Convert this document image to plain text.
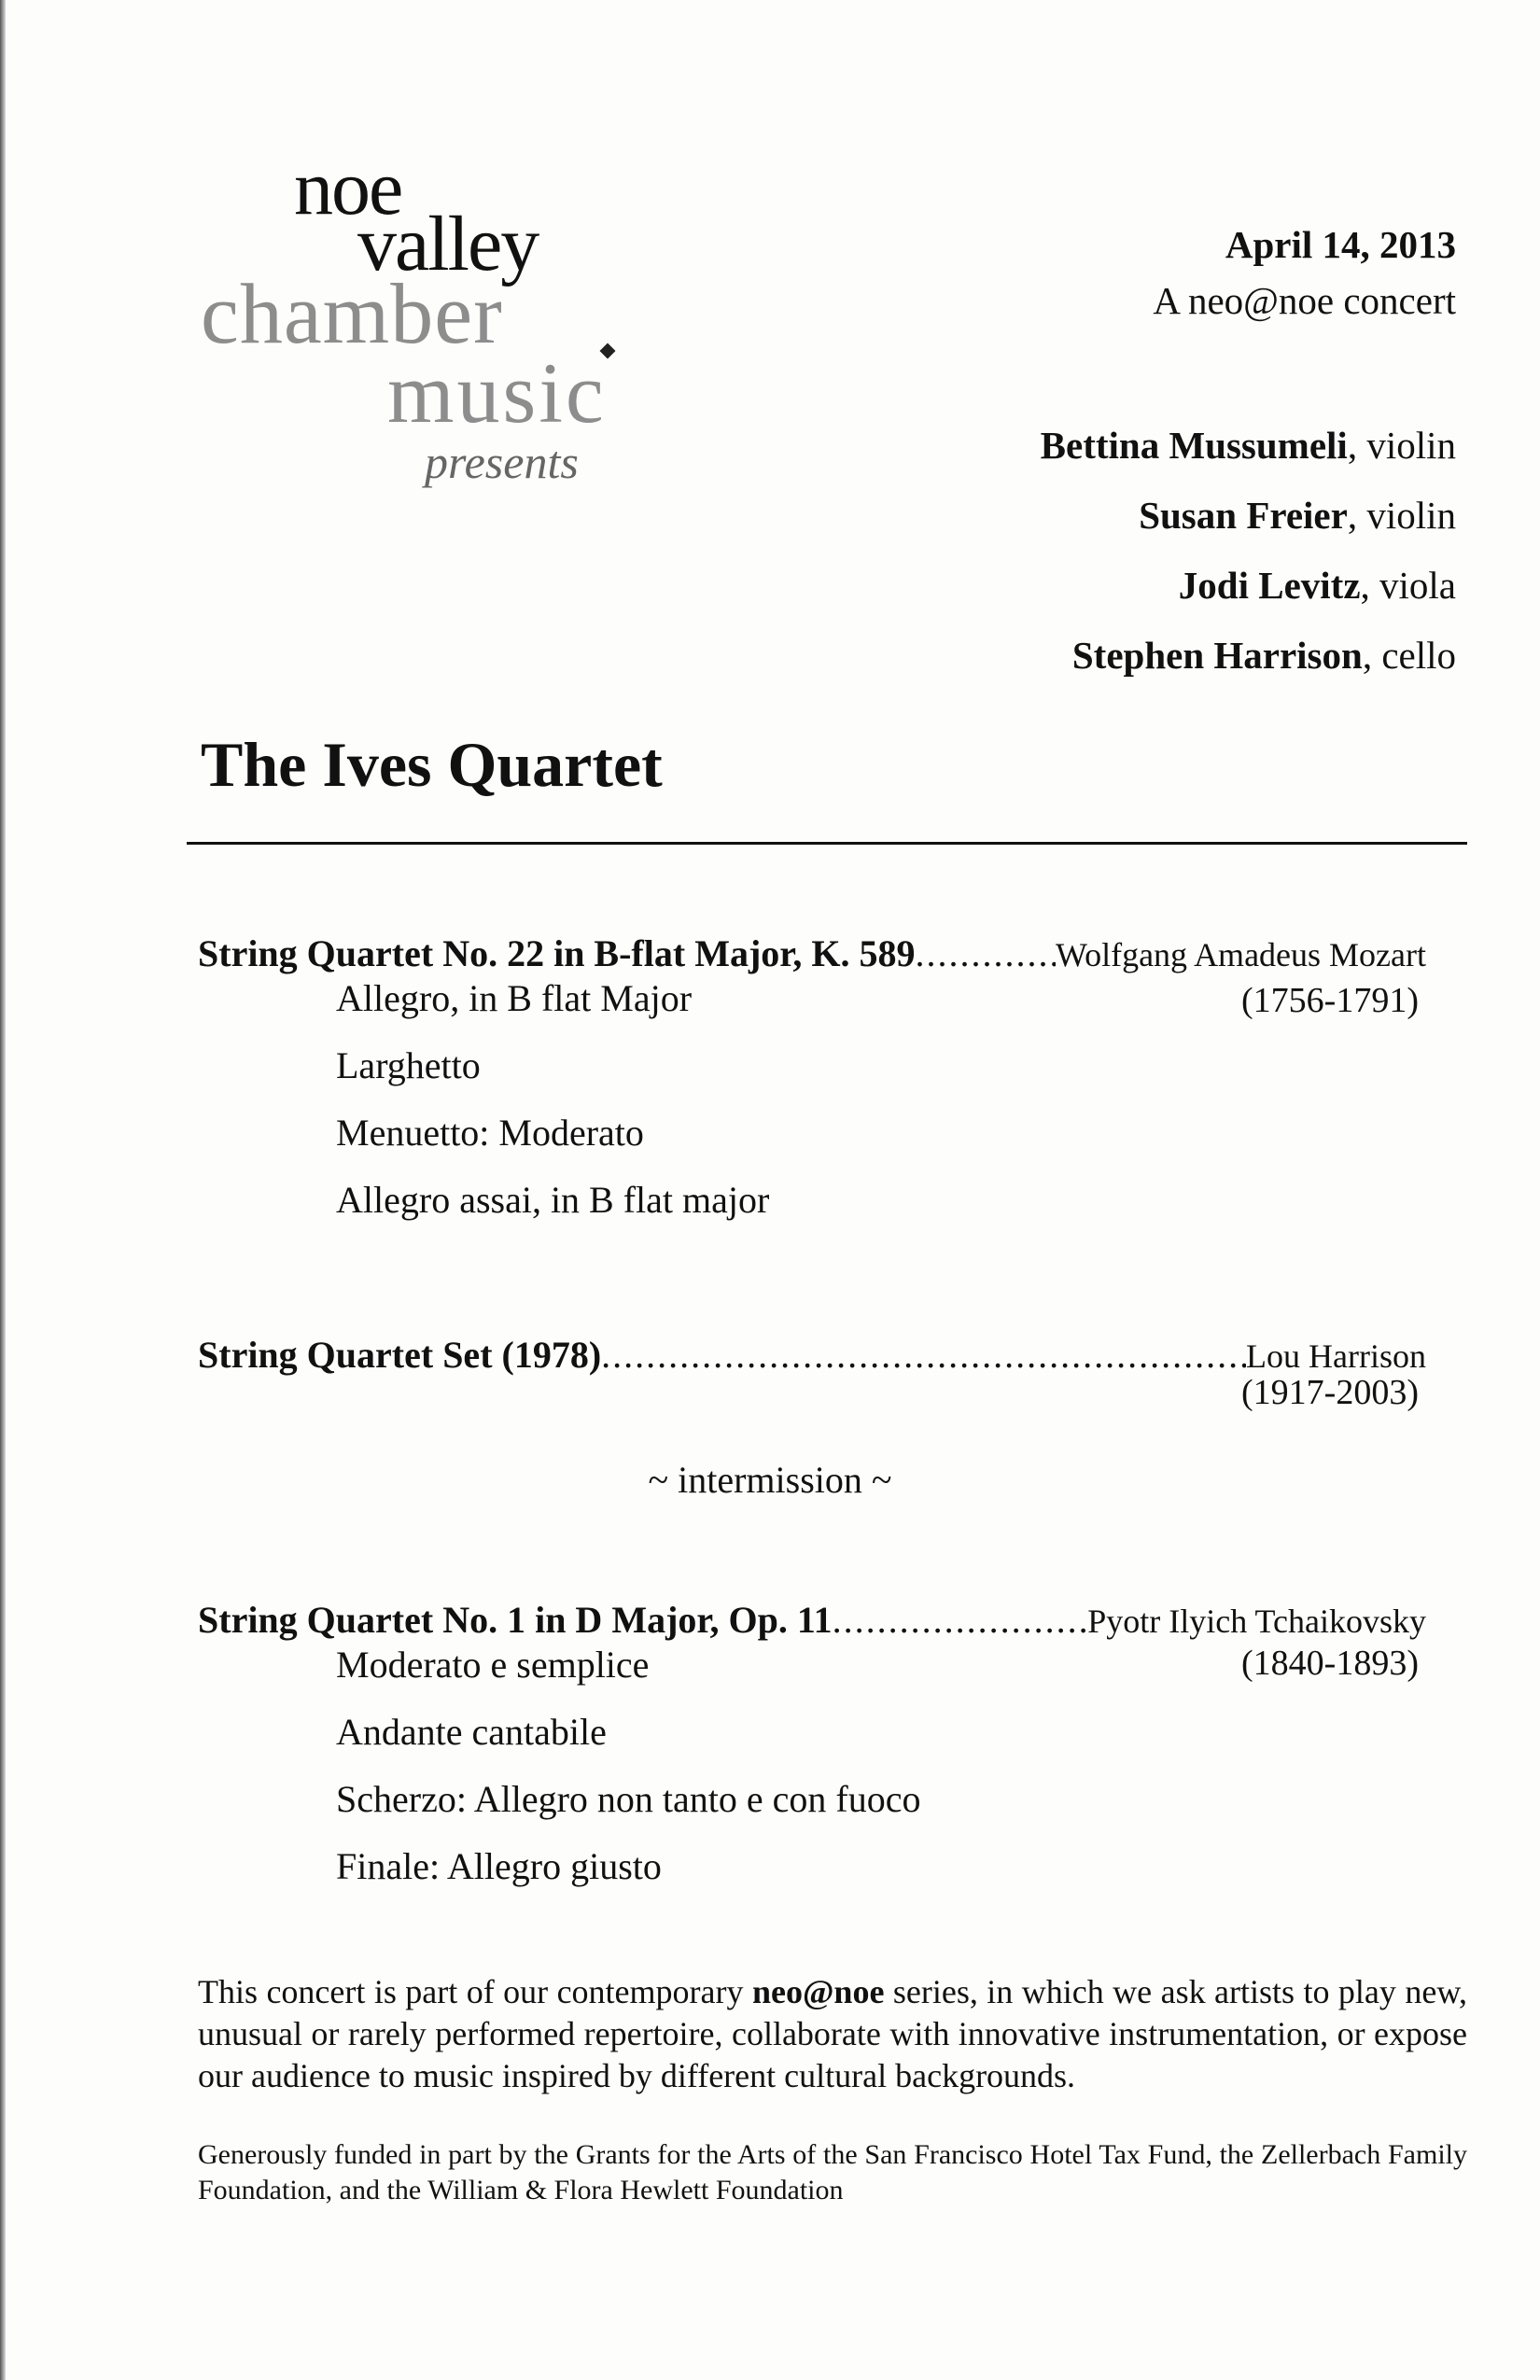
noe
valley
chamber
music
presents
April 14, 2013
A neo@noe concert
Bettina Mussumeli, violin
Susan Freier, violin
Jodi Levitz, viola
Stephen Harrison, cello
The Ives Quartet
String Quartet No. 22 in B-flat Major, K. 589 .....	Wolfgang Amadeus Mozart
(1756-1791)
Allegro, in B flat Major
Larghetto
Menuetto: Moderato
Allegro assai, in B flat major
String Quartet Set (1978) .....	Lou Harrison
(1917-2003)
~ intermission ~
String Quartet No. 1 in D Major, Op. 11 .....	Pyotr Ilyich Tchaikovsky
(1840-1893)
Moderato e semplice
Andante cantabile
Scherzo: Allegro non tanto e con fuoco
Finale: Allegro giusto

This concert is part of our contemporary neo@noe series, in which we ask artists to play new, unusual or rarely performed repertoire, collaborate with innovative instrumentation, or expose our audience to music inspired by different cultural backgrounds.

Generously funded in part by the Grants for the Arts of the San Francisco Hotel Tax Fund, the Zellerbach Family Foundation, and the William & Flora Hewlett Foundation
